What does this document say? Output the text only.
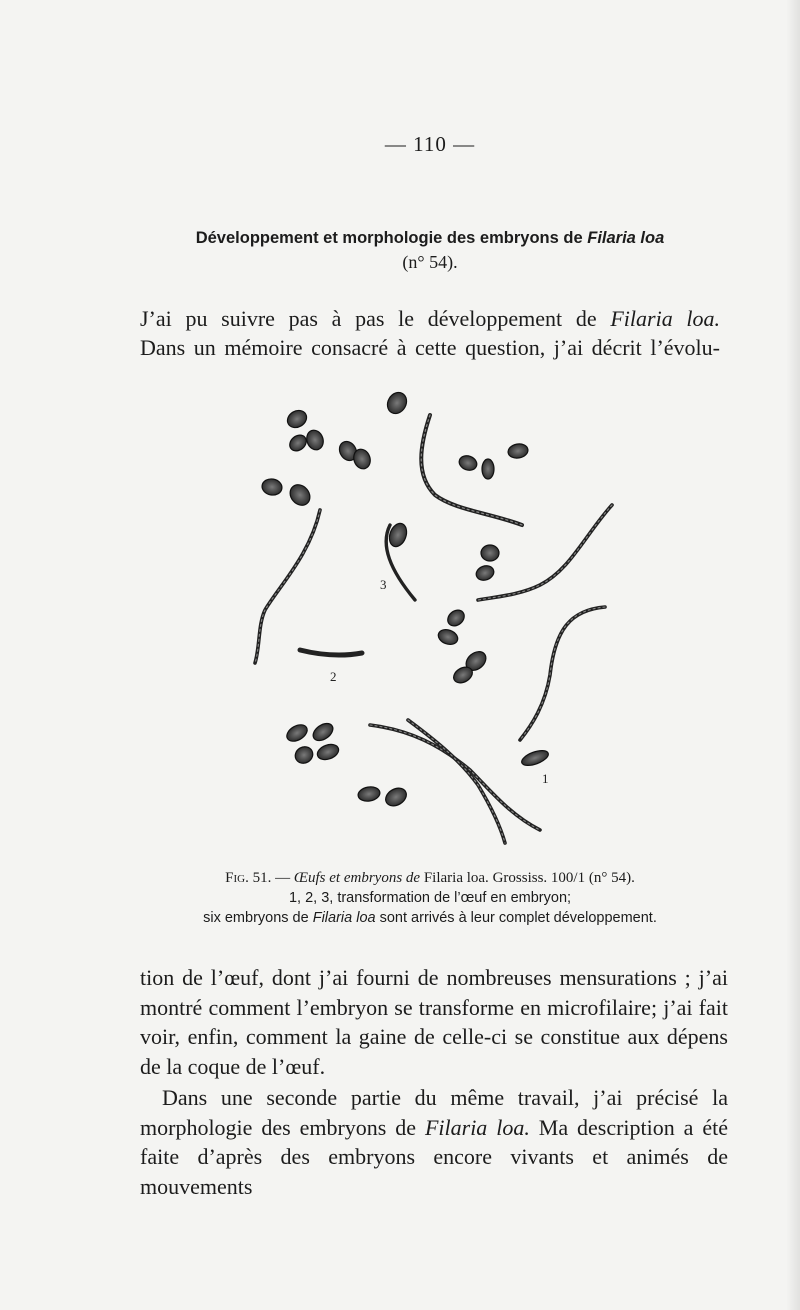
— 110 —
Développement et morphologie des embryons de Filaria loa
(n° 54).
J’ai pu suivre pas à pas le développement de Filaria loa.
Dans un mémoire consacré à cette question, j’ai décrit l’évolu-
1
2
3
Fig. 51. — Œufs et embryons de Filaria loa. Grossiss. 100/1 (n° 54).
1, 2, 3, transformation de l’œuf en embryon;
six embryons de Filaria loa sont arrivés à leur complet développement.

tion de l’œuf, dont j’ai fourni de nombreuses mensurations ; j’ai montré comment l’embryon se transforme en microfilaire; j’ai fait voir, enfin, comment la gaine de celle-ci se constitue aux dépens de la coque de l’œuf.

Dans une seconde partie du même travail, j’ai précisé la morphologie des embryons de Filaria loa. Ma description a été faite d’après des embryons encore vivants et animés de mouvements
